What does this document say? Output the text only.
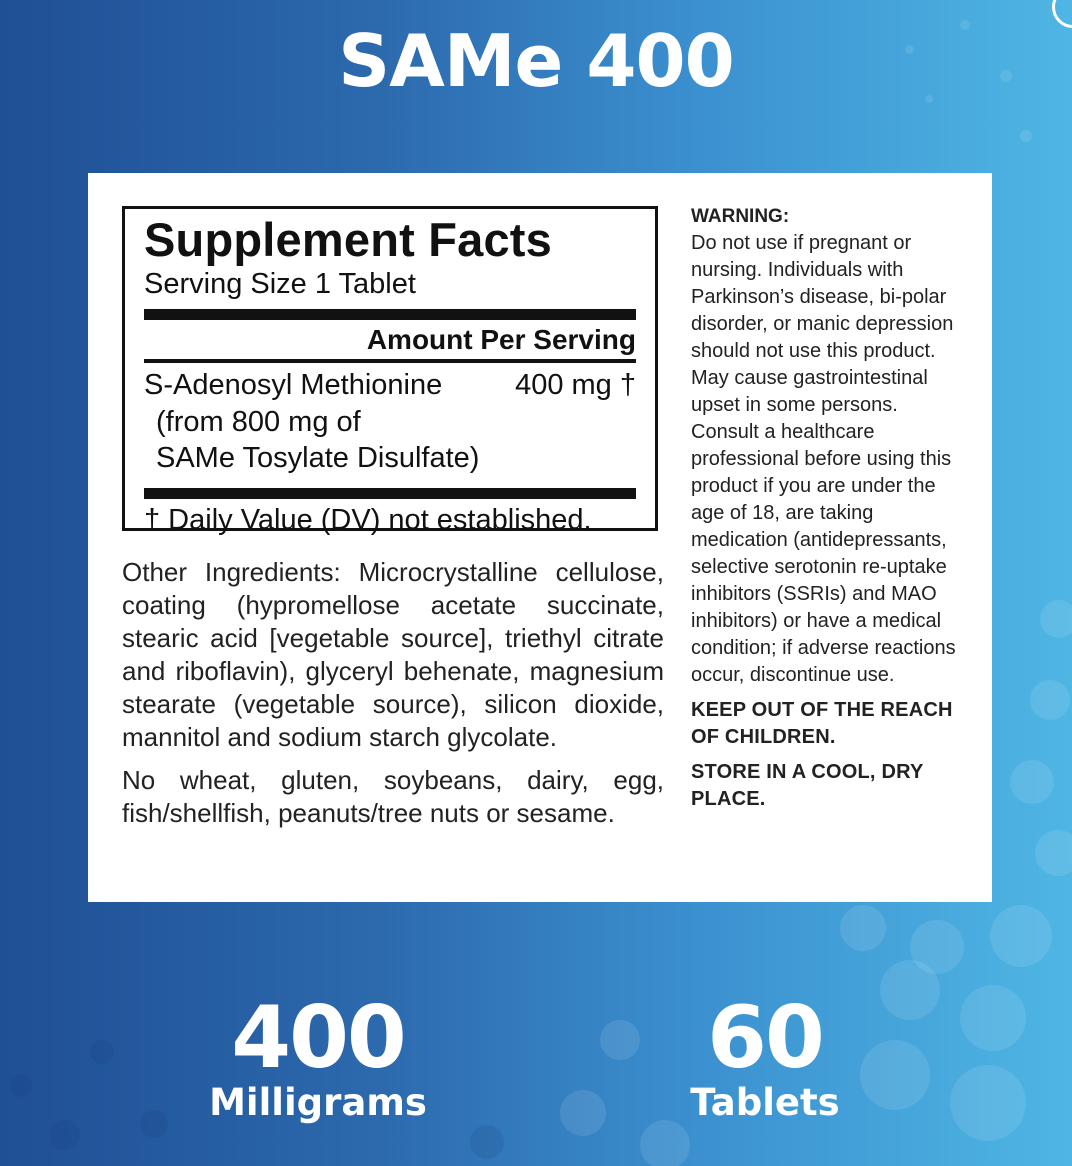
SAMe 400
Supplement Facts
Serving Size 1 Tablet
Amount Per Serving
S-Adenosyl Methionine	400 mg †
(from 800 mg of
SAMe Tosylate Disulfate)
† Daily Value (DV) not established.

Other Ingredients: Microcrystalline cellulose, coating (hypromellose acetate succinate, stearic acid [vegetable source], triethyl citrate and riboflavin), glyceryl behenate, magnesium stearate (vegetable source), silicon dioxide, mannitol and sodium starch glycolate.

No wheat, gluten, soybeans, dairy, egg, fish/shellfish, peanuts/tree nuts or sesame.

WARNING:
Do not use if pregnant or nursing. Individuals with Parkinson’s disease, bi-polar disorder, or manic depression should not use this product. May cause gastrointestinal upset in some persons. Consult a healthcare professional before using this product if you are under the age of 18, are taking medication (antidepressants, selective serotonin re-uptake inhibitors (SSRIs) and MAO inhibitors) or have a medical condition; if adverse reactions occur, discontinue use.
KEEP OUT OF THE REACH OF CHILDREN.
STORE IN A COOL, DRY PLACE.
400
Milligrams
60
Tablets
